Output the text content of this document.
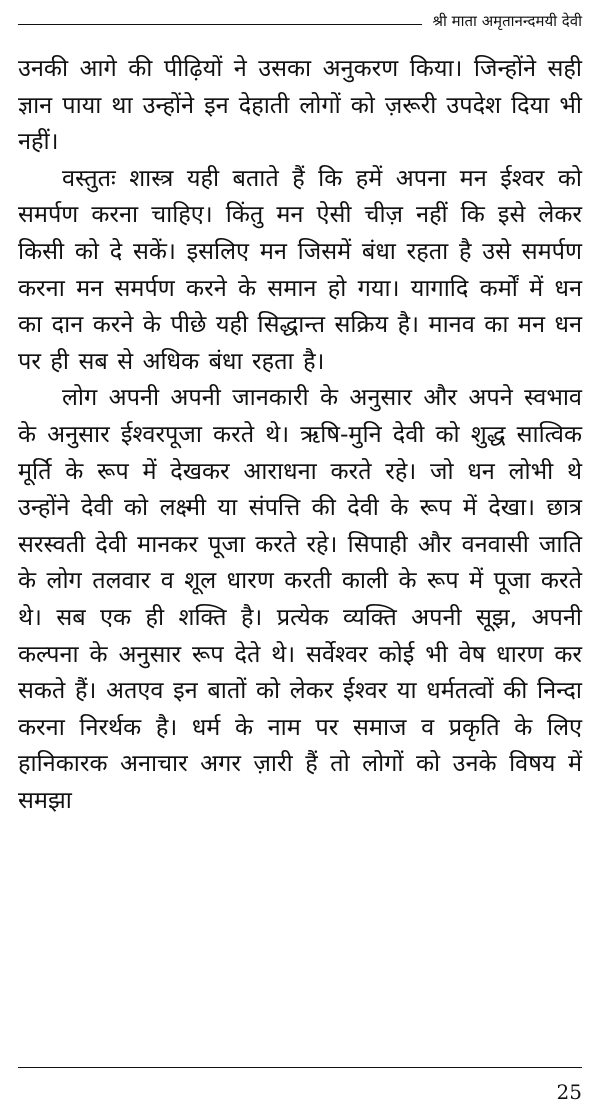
श्री माता अमृतानन्दमयी देवी

उनकी आगे की पीढ़ियों ने उसका अनुकरण किया। जिन्होंने सही ज्ञान पाया था उन्होंने इन देहाती लोगों को ज़रूरी उपदेश दिया भी नहीं।

वस्तुतः शास्त्र यही बताते हैं कि हमें अपना मन ईश्वर को समर्पण करना चाहिए। किंतु मन ऐसी चीज़ नहीं कि इसे लेकर किसी को दे सकें। इसलिए मन जिसमें बंधा रहता है उसे समर्पण करना मन समर्पण करने के समान हो गया। यागादि कर्मों में धन का दान करने के पीछे यही सिद्धान्त सक्रिय है। मानव का मन धन पर ही सब से अधिक बंधा रहता है।

लोग अपनी अपनी जानकारी के अनुसार और अपने स्वभाव के अनुसार ईश्वरपूजा करते थे। ऋषि-मुनि देवी को शुद्ध सात्विक मूर्ति के रूप में देखकर आराधना करते रहे। जो धन लोभी थे उन्होंने देवी को लक्ष्मी या संपत्ति की देवी के रूप में देखा। छात्र सरस्वती देवी मानकर पूजा करते रहे। सिपाही और वनवासी जाति के लोग तलवार व शूल धारण करती काली के रूप में पूजा करते थे। सब एक ही शक्ति है। प्रत्येक व्यक्ति अपनी सूझ, अपनी कल्पना के अनुसार रूप देते थे। सर्वेश्वर कोई भी वेष धारण कर सकते हैं। अतएव इन बातों को लेकर ईश्वर या धर्मतत्वों की निन्दा करना निरर्थक है। धर्म के नाम पर समाज व प्रकृति के लिए हानिकारक अनाचार अगर ज़ारी हैं तो लोगों को उनके विषय में समझा

25
